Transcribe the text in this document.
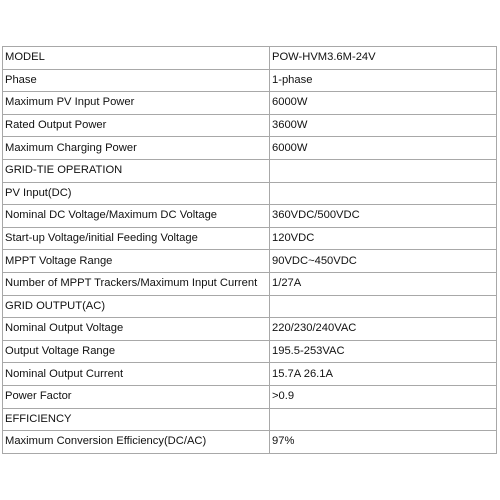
MODEL	POW-HVM3.6M-24V
Phase	1-phase
Maximum PV Input Power	6000W
Rated Output Power	3600W
Maximum Charging Power	6000W
GRID-TIE OPERATION	
PV Input(DC)	
Nominal DC Voltage/Maximum DC Voltage	360VDC/500VDC
Start-up Voltage/initial Feeding Voltage	120VDC
MPPT Voltage Range	90VDC~450VDC
Number of MPPT Trackers/Maximum Input Current	1/27A
GRID OUTPUT(AC)	
Nominal Output Voltage	220/230/240VAC
Output Voltage Range	195.5-253VAC
Nominal Output Current	15.7A 26.1A
Power Factor	>0.9
EFFICIENCY	
Maximum Conversion Efficiency(DC/AC)	97%
